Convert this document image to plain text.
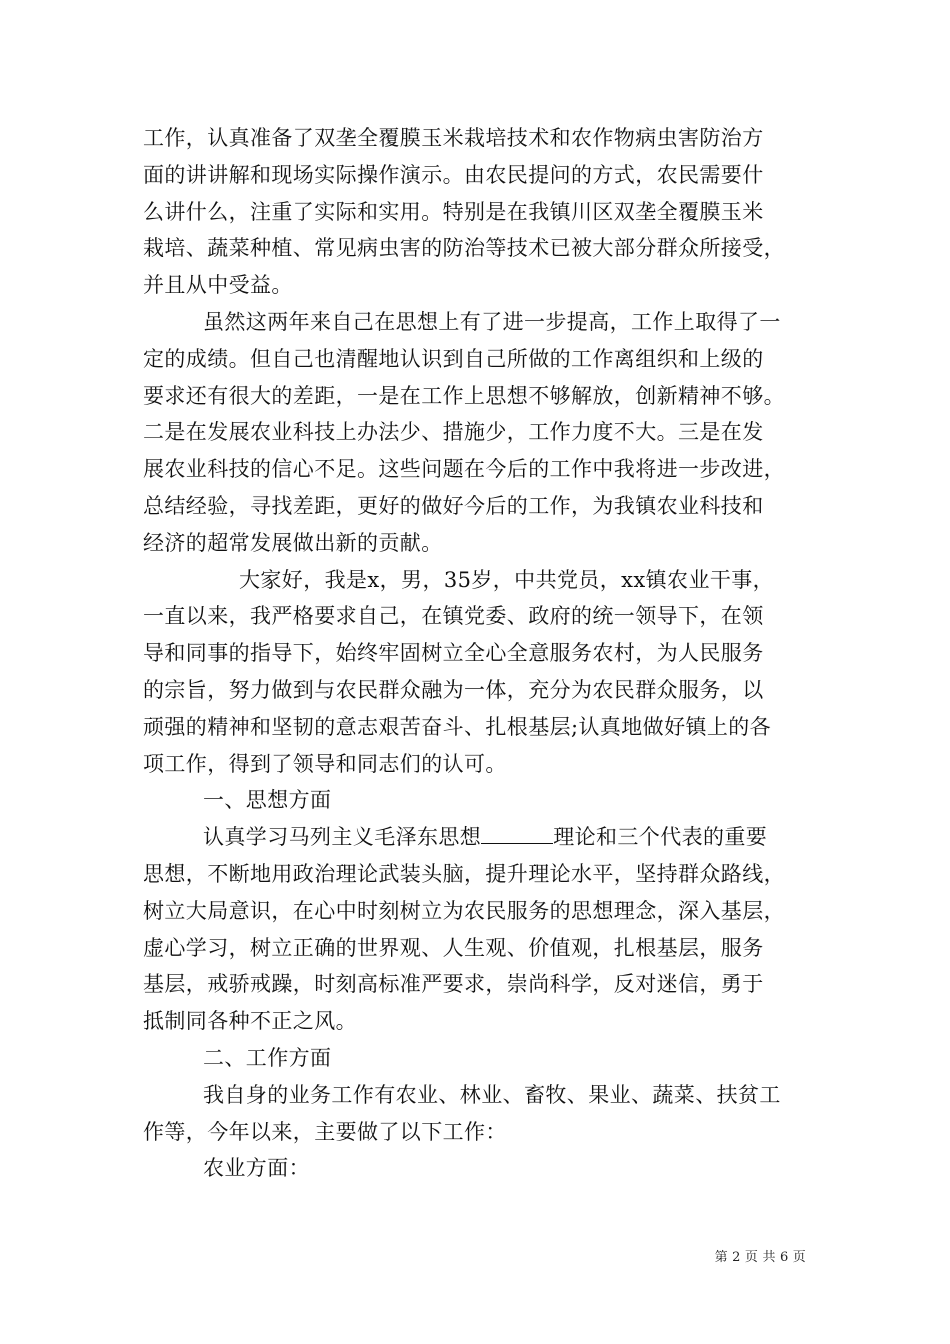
工作，认真准备了双垄全覆膜玉米栽培技术和农作物病虫害防治方
面的讲讲解和现场实际操作演示。由农民提问的方式，农民需要什
么讲什么，注重了实际和实用。特别是在我镇川区双垄全覆膜玉米
栽培、蔬菜种植、常见病虫害的防治等技术已被大部分群众所接受，
并且从中受益。
虽然这两年来自己在思想上有了进一步提高，工作上取得了一
定的成绩。但自己也清醒地认识到自己所做的工作离组织和上级的
要求还有很大的差距，一是在工作上思想不够解放，创新精神不够。
二是在发展农业科技上办法少、措施少，工作力度不大。三是在发
展农业科技的信心不足。这些问题在今后的工作中我将进一步改进，
总结经验，寻找差距，更好的做好今后的工作，为我镇农业科技和
经济的超常发展做出新的贡献。
大家好，我是x，男，35岁，中共党员，xx镇农业干事，
一直以来，我严格要求自己，在镇党委、政府的统一领导下，在领
导和同事的指导下，始终牢固树立全心全意服务农村，为人民服务
的宗旨，努力做到与农民群众融为一体，充分为农民群众服务，以
顽强的精神和坚韧的意志艰苦奋斗、扎根基层;认真地做好镇上的各
项工作，得到了领导和同志们的认可。
一、思想方面
认真学习马列主义毛泽东思想	理论和三个代表的重要
思想，不断地用政治理论武装头脑，提升理论水平，坚持群众路线，
树立大局意识，在心中时刻树立为农民服务的思想理念，深入基层，
虚心学习，树立正确的世界观、人生观、价值观，扎根基层，服务
基层，戒骄戒躁，时刻高标准严要求，崇尚科学，反对迷信，勇于
抵制同各种不正之风。
二、工作方面
我自身的业务工作有农业、林业、畜牧、果业、蔬菜、扶贫工
作等，今年以来，主要做了以下工作：
农业方面：
第 2 页 共 6 页
